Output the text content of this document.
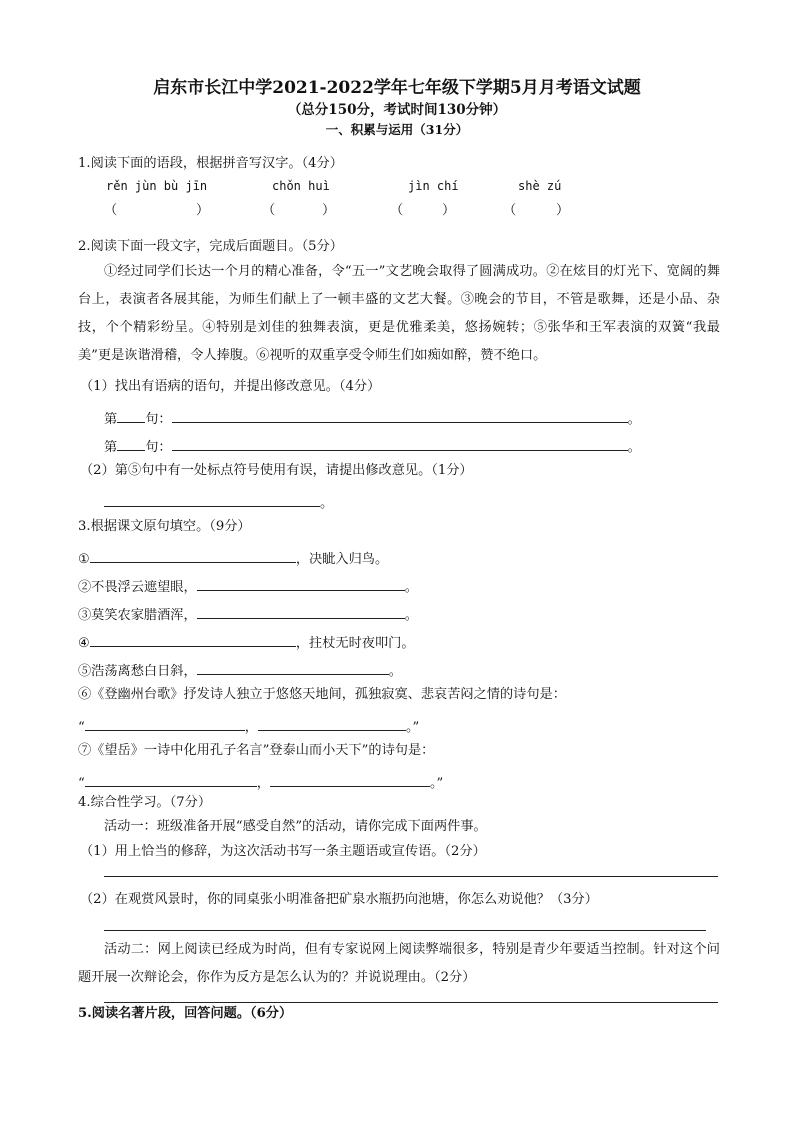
启东市长江中学2021-2022学年七年级下学期5月月考语文试题
（总分150分，考试时间130分钟）
一、积累与运用（31分）
1.阅读下面的语段，根据拼音写汉字。（4分）
rěn jùn bù jīn	chǒn huì	jìn chí	shè zú
（	）	（	）	（	）	（	）
2.阅读下面一段文字，完成后面题目。（5分）
①经过同学们长达一个月的精心准备，令“五一”文艺晚会取得了圆满成功。②在炫目的灯光下、宽阔的舞台上，表演者各展其能，为师生们献上了一顿丰盛的文艺大餐。③晚会的节目，不管是歌舞，还是小品、杂技，个个精彩纷呈。④特别是刘佳的独舞表演，更是优雅柔美，悠扬婉转；⑤张华和王军表演的双簧“我最美”更是诙谐滑稽，令人捧腹。⑥视听的双重享受令师生们如痴如醉，赞不绝口。
（1）找出有语病的语句，并提出修改意见。（4分）
第 句：	。
第 句：	。
（2）第⑤句中有一处标点符号使用有误，请提出修改意见。（1分）
。
3.根据课文原句填空。（9分）
①	，决眦入归鸟。
②不畏浮云遮望眼，	。
③莫笑农家腊酒浑，	。
④	，拄杖无时夜叩门。
⑤浩荡离愁白日斜，	。
⑥《登幽州台歌》抒发诗人独立于悠悠天地间，孤独寂寞、悲哀苦闷之情的诗句是：
“	，	。”
⑦《望岳》一诗中化用孔子名言”登泰山而小天下”的诗句是：
“	，	。”
4.综合性学习。（7分）
活动一：班级准备开展“感受自然”的活动，请你完成下面两件事。
（1）用上恰当的修辞，为这次活动书写一条主题语或宣传语。（2分）
（2）在观赏风景时，你的同桌张小明准备把矿泉水瓶扔向池塘，你怎么劝说他？（3分）
活动二：网上阅读已经成为时尚，但有专家说网上阅读弊端很多，特别是青少年要适当控制。针对这个问题开展一次辩论会，你作为反方是怎么认为的？并说说理由。（2分）
5.阅读名著片段，回答问题。（6分）
